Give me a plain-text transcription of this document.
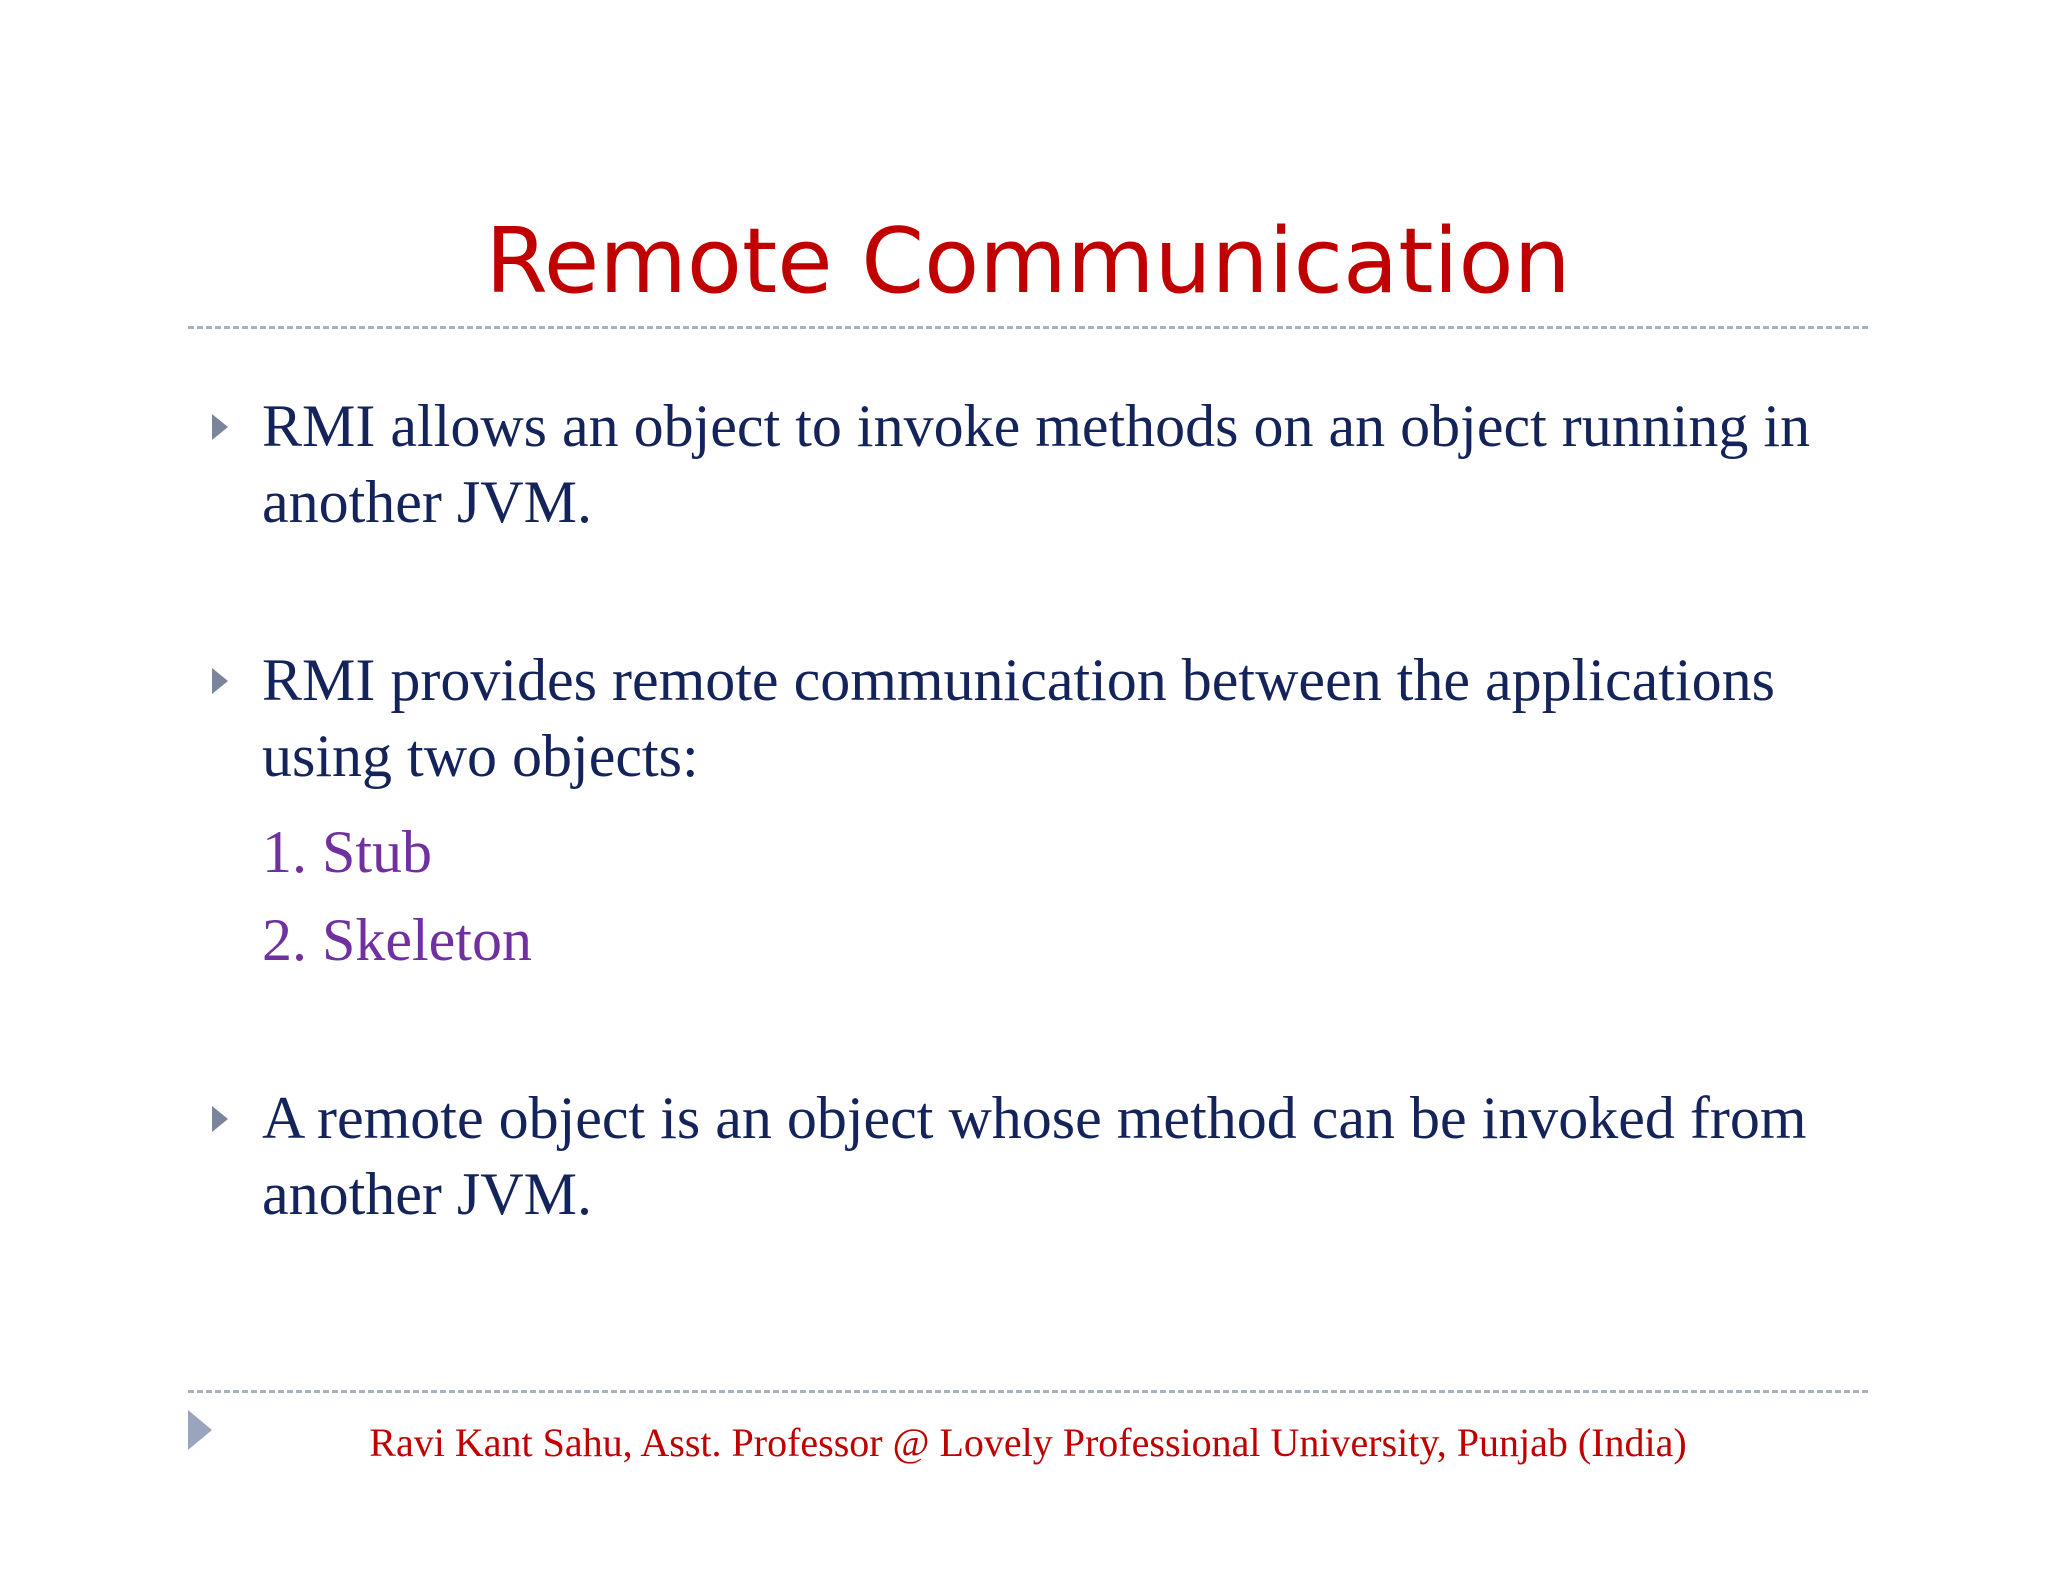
Remote Communication
RMI allows an object to invoke methods on an object running in another JVM.
RMI provides remote communication between the applications using two objects:
1. Stub
2. Skeleton
A remote object is an object whose method can be invoked from another JVM.
Ravi Kant Sahu, Asst. Professor @ Lovely Professional University, Punjab (India)
